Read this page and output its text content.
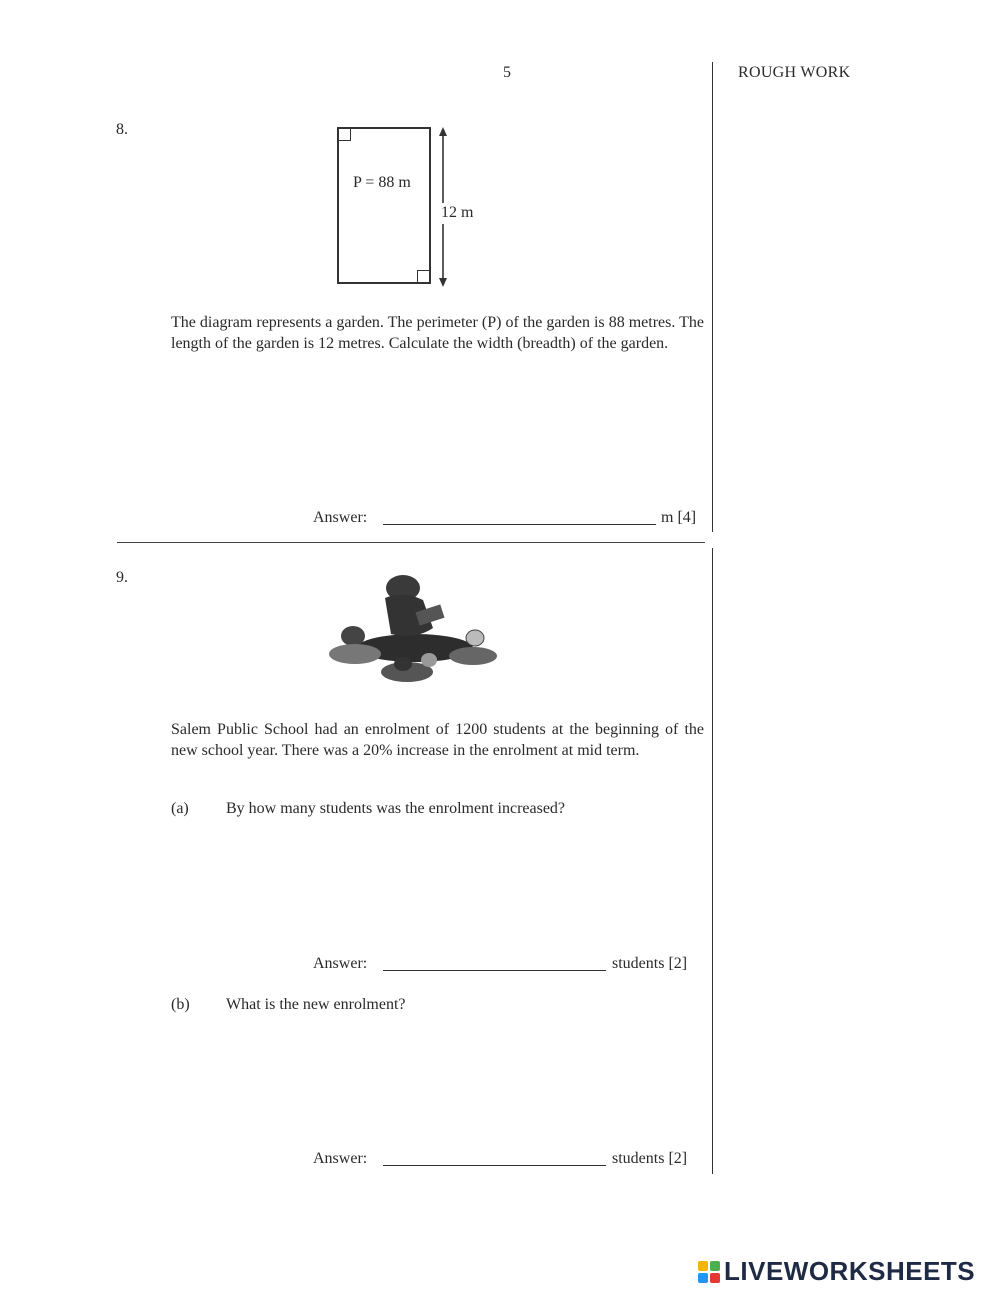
5	ROUGH WORK
8.
P = 88 m
12 m
The diagram represents a garden. The perimeter (P) of the garden is 88 metres. The length of the garden is 12 metres. Calculate the width (breadth) of the garden.
Answer:	m [4]
9.
Salem Public School had an enrolment of 1200 students at the beginning of the new school year. There was a 20% increase in the enrolment at mid term.
(a) By how many students was the enrolment increased?
Answer:	students [2]
(b) What is the new enrolment?
Answer:	students [2]
LIVEWORKSHEETS
